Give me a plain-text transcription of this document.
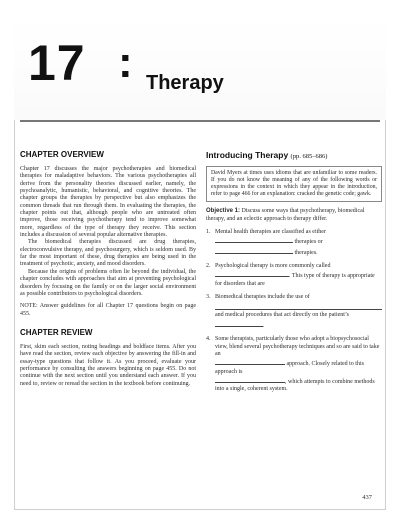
17 : Therapy
CHAPTER OVERVIEW

Chapter 17 discusses the major psychotherapies and biomedical therapies for maladaptive behaviors. The various psychotherapies all derive from the personality theories discussed earlier, namely, the psychoanalytic, humanistic, behavioral, and cognitive theories. The chapter groups the therapies by perspective but also emphasizes the common threads that run through them. In evaluating the therapies, the chapter points out that, although people who are untreated often improve, those receiving psychotherapy tend to improve somewhat more, regardless of the type of therapy they receive. This section includes a discussion of several popular alternative therapies.

The biomedical therapies discussed are drug therapies, electroconvulsive therapy, and psychosurgery, which is seldom used. By far the most important of these, drug therapies are being used in the treatment of psychotic, anxiety, and mood disorders.

Because the origins of problems often lie beyond the individual, the chapter concludes with approaches that aim at preventing psychological disorders by focusing on the family or on the larger social environment as possible contributors to psychological disorders.

NOTE: Answer guidelines for all Chapter 17 questions begin on page 455.

CHAPTER REVIEW

First, skim each section, noting headings and boldface items. After you have read the section, review each objective by answering the fill-in and essay-type questions that follow it. As you proceed, evaluate your performance by consulting the answers beginning on page 455. Do not continue with the next section until you understand each answer. If you need to, review or reread the section in the textbook before continuing.

Introducing Therapy (pp. 685–686)

David Myers at times uses idioms that are unfamiliar to some readers. If you do not know the meaning of any of the following words or expressions in the context in which they appear in the introduction, refer to page 466 for an explanation: cracked the genetic code; gawk.

Objective 1: Discuss some ways that psychotherapy, biomedical therapy, and an eclectic approach to therapy differ.

1. Mental health therapies are classified as either
therapies or
therapies.
2. Psychological therapy is more commonly called
. This type of therapy is appropriate for disorders that are
3. Biomedical therapies include the use of
and medical procedures that act directly on the patient’s .
4. Some therapists, particularly those who adopt a biopsychosocial view, blend several psychotherapy techniques and so are said to take an
approach. Closely related to this approach is
, which attempts to combine methods into a single, coherent system.
437
